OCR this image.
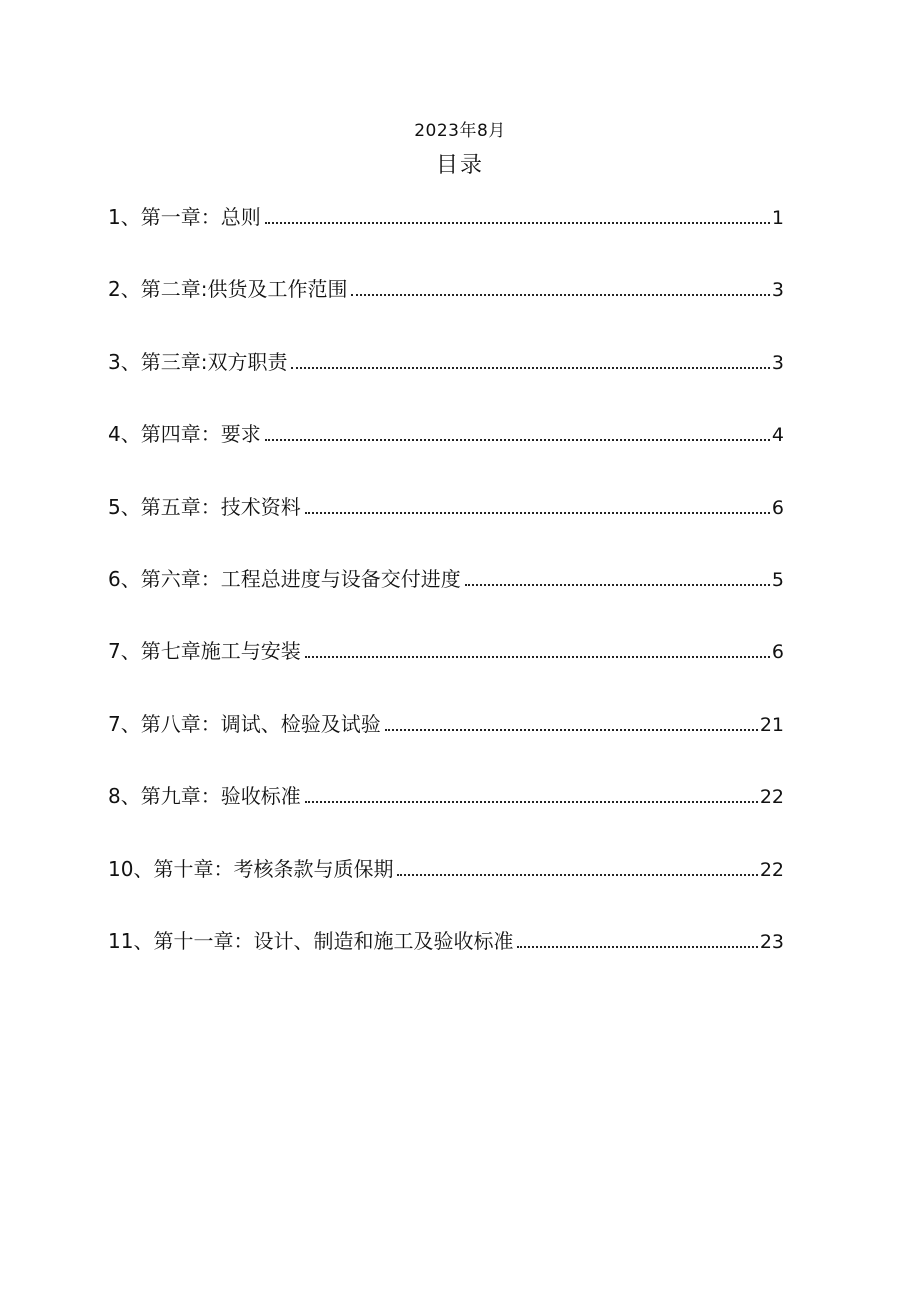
2023年8月
目录
1、第一章：总则	1
2、第二章:供货及工作范围	3
3、第三章:双方职责	3
4、第四章：要求	4
5、第五章：技术资料	6
6、第六章：工程总进度与设备交付进度	5
7、第七章施工与安装	6
7、第八章：调试、检验及试验	21
8、第九章：验收标准	22
10、第十章：考核条款与质保期	22
11、第十一章：设计、制造和施工及验收标准	23
